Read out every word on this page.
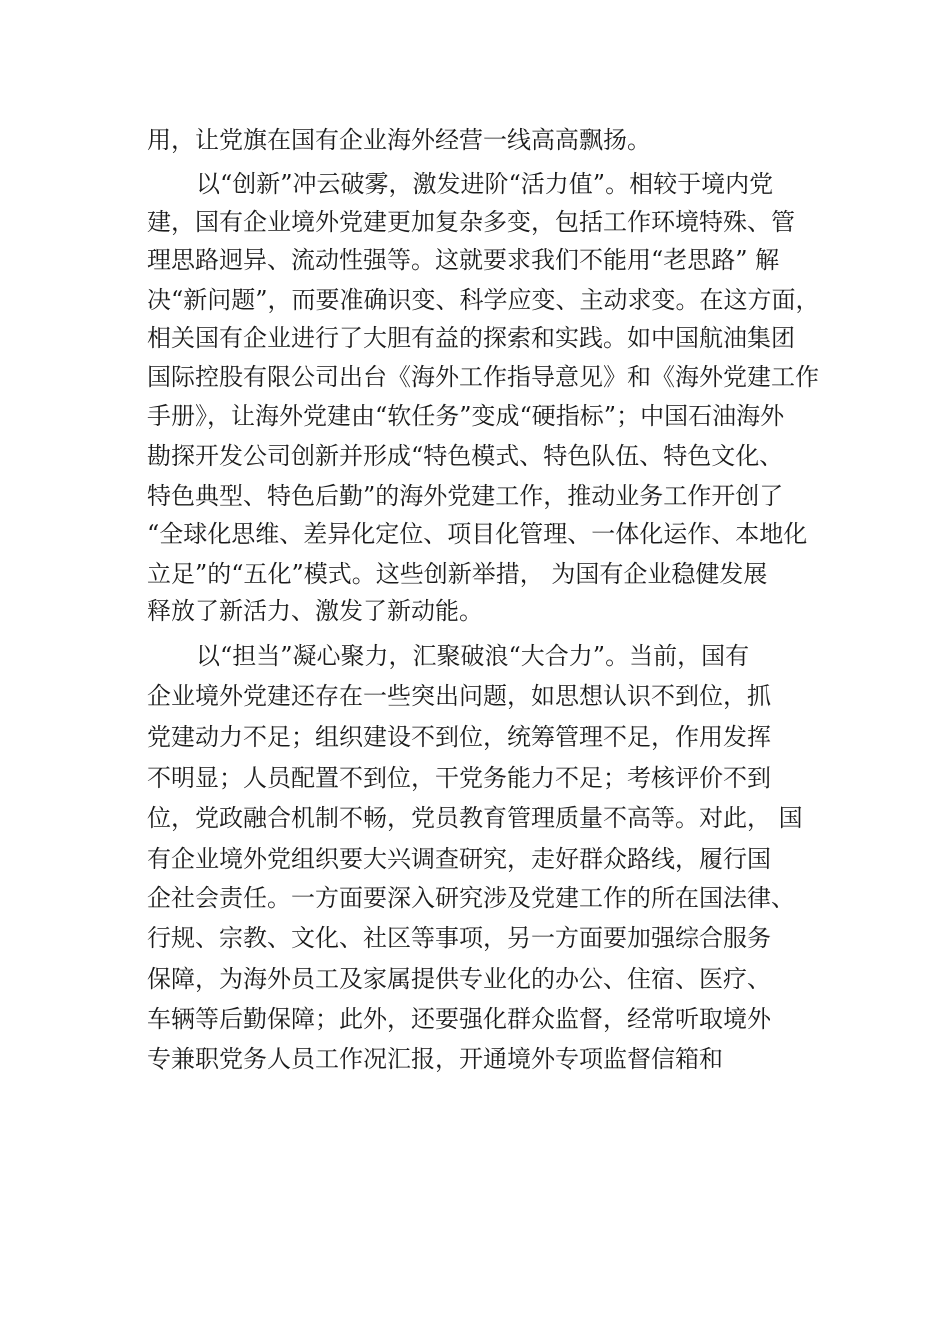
用，让党旗在国有企业海外经营一线高高飘扬。
以“创新”冲云破雾，激发进阶“活力值”。相较于境内党
建，国有企业境外党建更加复杂多变，包括工作环境特殊、管
理思路迥异、流动性强等。这就要求我们不能用“老思路” 解
决“新问题”，而要准确识变、科学应变、主动求变。在这方面，
相关国有企业进行了大胆有益的探索和实践。如中国航油集团
国际控股有限公司出台《海外工作指导意见》和《海外党建工作
手册》，让海外党建由“软任务”变成“硬指标”；中国石油海外
勘探开发公司创新并形成“特色模式、特色队伍、特色文化、
特色典型、特色后勤”的海外党建工作，推动业务工作开创了
“全球化思维、差异化定位、项目化管理、一体化运作、本地化
立足”的“五化”模式。这些创新举措， 为国有企业稳健发展
释放了新活力、激发了新动能。
以“担当”凝心聚力，汇聚破浪“大合力”。当前，国有
企业境外党建还存在一些突出问题，如思想认识不到位，抓
党建动力不足；组织建设不到位，统筹管理不足，作用发挥
不明显；人员配置不到位，干党务能力不足；考核评价不到
位，党政融合机制不畅，党员教育管理质量不高等。对此， 国
有企业境外党组织要大兴调查研究，走好群众路线，履行国
企社会责任。一方面要深入研究涉及党建工作的所在国法律、
行规、宗教、文化、社区等事项，另一方面要加强综合服务
保障，为海外员工及家属提供专业化的办公、住宿、医疗、
车辆等后勤保障；此外，还要强化群众监督，经常听取境外
专兼职党务人员工作况汇报，开通境外专项监督信箱和
